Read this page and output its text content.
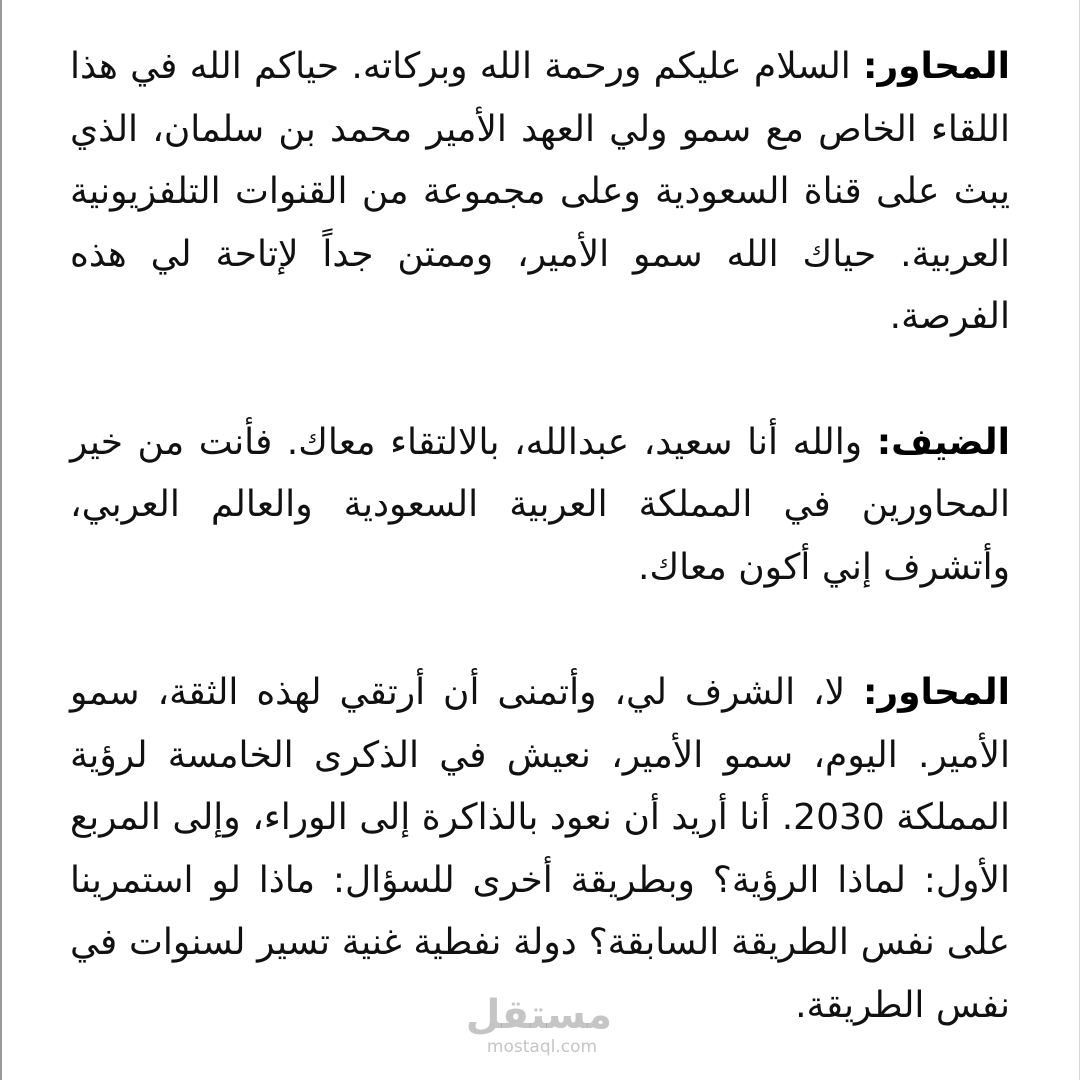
المحاور: السلام عليكم ورحمة الله وبركاته. حياكم الله في هذا اللقاء الخاص مع سمو ولي العهد الأمير محمد بن سلمان، الذي يبث على قناة السعودية وعلى مجموعة من القنوات التلفزيونية العربية. حياك الله سمو الأمير، وممتن جداً لإتاحة لي هذه الفرصة.

الضيف: والله أنا سعيد، عبدالله، بالالتقاء معاك. فأنت من خير المحاورين في المملكة العربية السعودية والعالم العربي، وأتشرف إني أكون معاك.

المحاور: لا، الشرف لي، وأتمنى أن أرتقي لهذه الثقة، سمو الأمير. اليوم، سمو الأمير، نعيش في الذكرى الخامسة لرؤية المملكة 2030. أنا أريد أن نعود بالذاكرة إلى الوراء، وإلى المربع الأول: لماذا الرؤية؟ وبطريقة أخرى للسؤال: ماذا لو استمرينا على نفس الطريقة السابقة؟ دولة نفطية غنية تسير لسنوات في نفس الطريقة.

مستقل
mostaql.com
